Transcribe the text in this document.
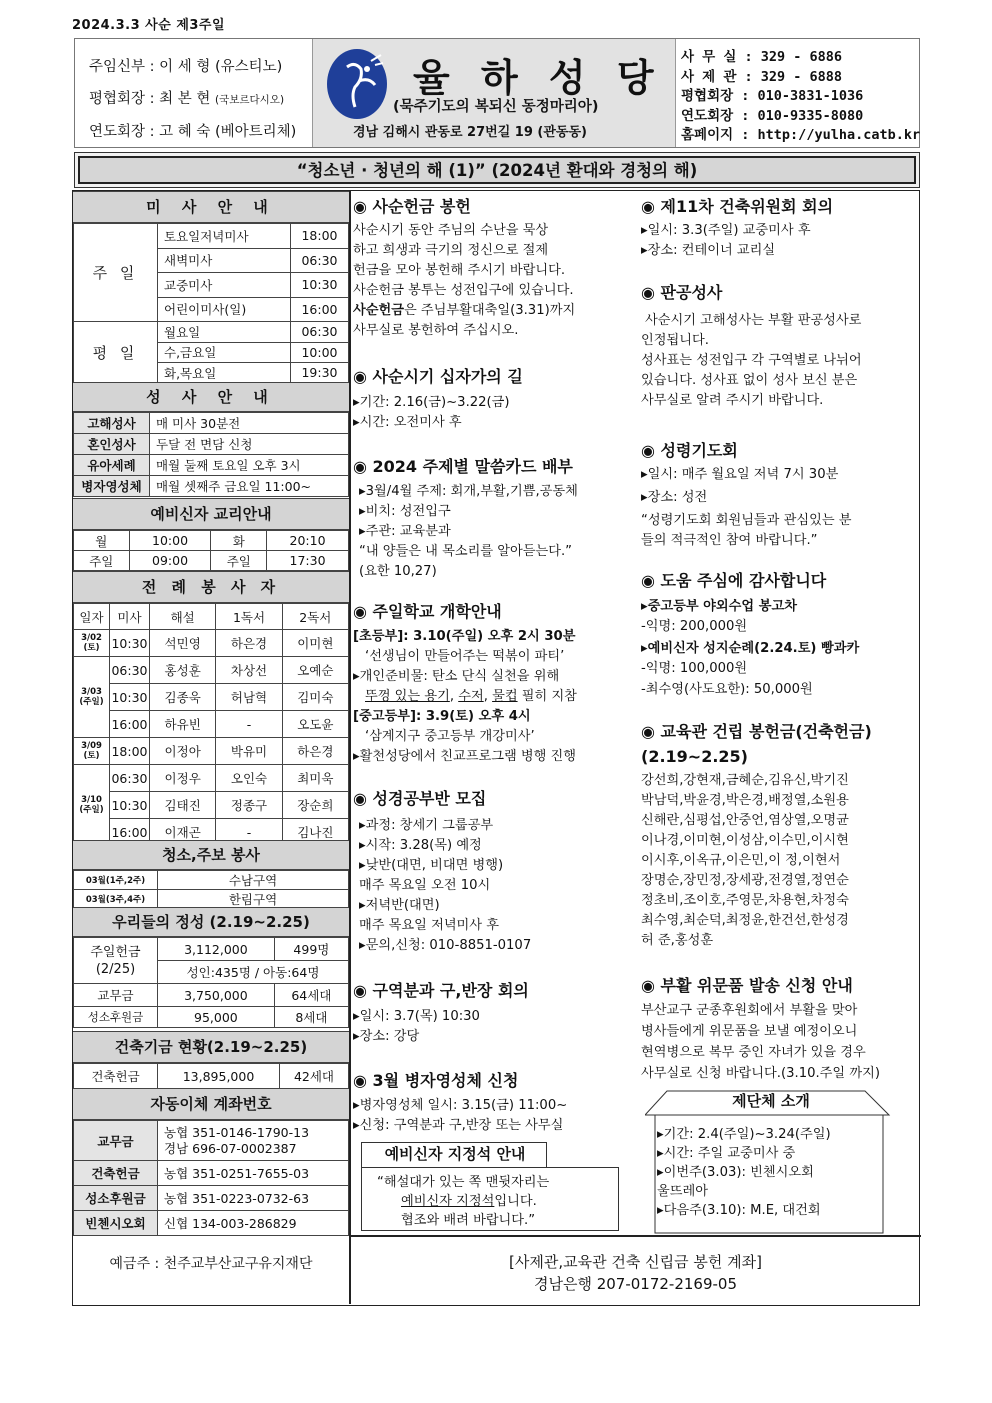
2024.3.3 사순 제3주일
주임신부 : 이 세 형 (유스티노)
평협회장 : 최 본 현 (국보르다시오)
연도회장 : 고 혜 숙 (베아트리체)
율 하 성 당
(묵주기도의 복되신 동정마리아)
경남 김해시 관동로 27번길 19 (관동동)
사 무 실 : 329 - 6886
사 제 관 : 329 - 6888
평협회장 : 010-3831-1036
연도회장 : 010-9335-8080
홈페이지 : http://yulha.catb.kr
“청소년 · 청년의 해 (1)” (2024년 환대와 경청의 해)
미 사 안 내
주 일	토요일저녁미사	18:00
	새벽미사	06:30
	교중미사	10:30
	어린이미사(일)	16:00
평 일	월요일	06:30
	수,금요일	10:00
	화,목요일	19:30
성 사 안 내
고해성사	매 미사 30분전
혼인성사	두달 전 면담 신청
유아세례	매월 둘째 토요일 오후 3시
병자영성체	매월 셋째주 금요일 11:00~
예비신자 교리안내
월	10:00	화	20:10
주일	09:00	주일	17:30
전 례 봉 사 자
일자	미사	해설	1독서	2독서
3/02
(토)	10:30	석민영	하은경	이미현
3/03
(주일)	06:30	홍성훈	차상선	오예순
	10:30	김종욱	허남혁	김미숙
	16:00	하유빈	-	오도윤
3/09
(토)	18:00	이정아	박유미	하은경
3/10
(주일)	06:30	이정우	오인숙	최미욱
	10:30	김태진	정종구	장순희
	16:00	이재곤	-	김나진
청소,주보 봉사
03월(1주,2주)	수남구역
03월(3주,4주)	한림구역
우리들의 정성 (2.19~2.25)
주일헌금
(2/25)	3,112,000	499명
	성인:435명 / 아동:64명	
교무금	3,750,000	64세대
성소후원금	95,000	8세대
건축기금 현황(2.19~2.25)
건축헌금	13,895,000	42세대
자동이체 계좌번호
교무금	농협 351-0146-1790-13
경남 696-07-0002387
건축헌금	농협 351-0251-7655-03
성소후원금	농협 351-0223-0732-63
빈첸시오회	신협 134-003-286829
예금주 : 천주교부산교구유지재단
◉ 사순헌금 봉헌
사순시기 동안 주님의 수난을 묵상
하고 희생과 극기의 정신으로 절제
헌금을 모아 봉헌해 주시기 바랍니다.
사순헌금 봉투는 성전입구에 있습니다.
사순헌금은 주님부활대축일(3.31)까지
사무실로 봉헌하여 주십시오.
◉ 사순시기 십자가의 길
▸기간: 2.16(금)~3.22(금)
▸시간: 오전미사 후
◉ 2024 주제별 말씀카드 배부
▸3월/4월 주제: 회개,부활,기쁨,공동체
▸비치: 성전입구
▸주관: 교육분과
“내 양들은 내 목소리를 알아듣는다.”
(요한 10,27)
◉ 주일학교 개학안내
[초등부]: 3.10(주일) 오후 2시 30분
‘선생님이 만들어주는 떡볶이 파티’
▸개인준비물: 탄소 단식 실천을 위해
뚜껑 있는 용기, 수저, 물컵 필히 지참
[중고등부]: 3.9(토) 오후 4시
‘삼계지구 중고등부 개강미사’
▸활천성당에서 친교프로그램 병행 진행
◉ 성경공부반 모집
▸과정: 창세기 그룹공부
▸시작: 3.28(목) 예정
▸낮반(대면, 비대면 병행)
매주 목요일 오전 10시
▸저녁반(대면)
매주 목요일 저녁미사 후
▸문의,신청: 010-8851-0107
◉ 구역분과 구,반장 회의
▸일시: 3.7(목) 10:30
▸장소: 강당
◉ 3월 병자영성체 신청
▸병자영성체 일시: 3.15(금) 11:00~
▸신청: 구역분과 구,반장 또는 사무실
예비신자 지정석 안내
“해설대가 있는 쪽 맨뒷자리는
예비신자 지정석입니다.
협조와 배려 바랍니다.”
◉ 제11차 건축위원회 회의
▸일시: 3.3(주일) 교중미사 후
▸장소: 컨테이너 교리실
◉ 판공성사
사순시기 고해성사는 부활 판공성사로
인정됩니다.
성사표는 성전입구 각 구역별로 나뉘어
있습니다. 성사표 없이 성사 보신 분은
사무실로 알려 주시기 바랍니다.
◉ 성령기도회
▸일시: 매주 월요일 저녁 7시 30분
▸장소: 성전
“성령기도회 회원님들과 관심있는 분
들의 적극적인 참여 바랍니다.”
◉ 도움 주심에 감사합니다
▸중고등부 야외수업 봉고차
-익명: 200,000원
▸예비신자 성지순례(2.24.토) 빵과카
-익명: 100,000원
-최수영(사도요한): 50,000원
◉ 교육관 건립 봉헌금(건축헌금)
(2.19~2.25)
강선희,강현재,금혜순,김유신,박기진
박남덕,박윤경,박은경,배정열,소원용
신해란,심평섭,안중언,염상열,오명균
이나경,이미현,이성삼,이수민,이시현
이시후,이옥규,이은민,이 정,이현서
장명순,장민정,장세광,전경열,정연순
정초비,조이호,주영문,차용현,차정숙
최수영,최순덕,최정윤,한건선,한성경
허 준,홍성훈
◉ 부활 위문품 발송 신청 안내
부산교구 군종후원회에서 부활을 맞아
병사들에게 위문품을 보낼 예정이오니
현역병으로 복무 중인 자녀가 있을 경우
사무실로 신청 바랍니다.(3.10.주일 까지)
제단체 소개
▸기간: 2.4(주일)~3.24(주일)
▸시간: 주일 교중미사 중
▸이번주(3.03): 빈첸시오회
울뜨레아
▸다음주(3.10): M.E, 대건회
[사제관,교육관 건축 신립금 봉헌 계좌]
경남은행 207-0172-2169-05
